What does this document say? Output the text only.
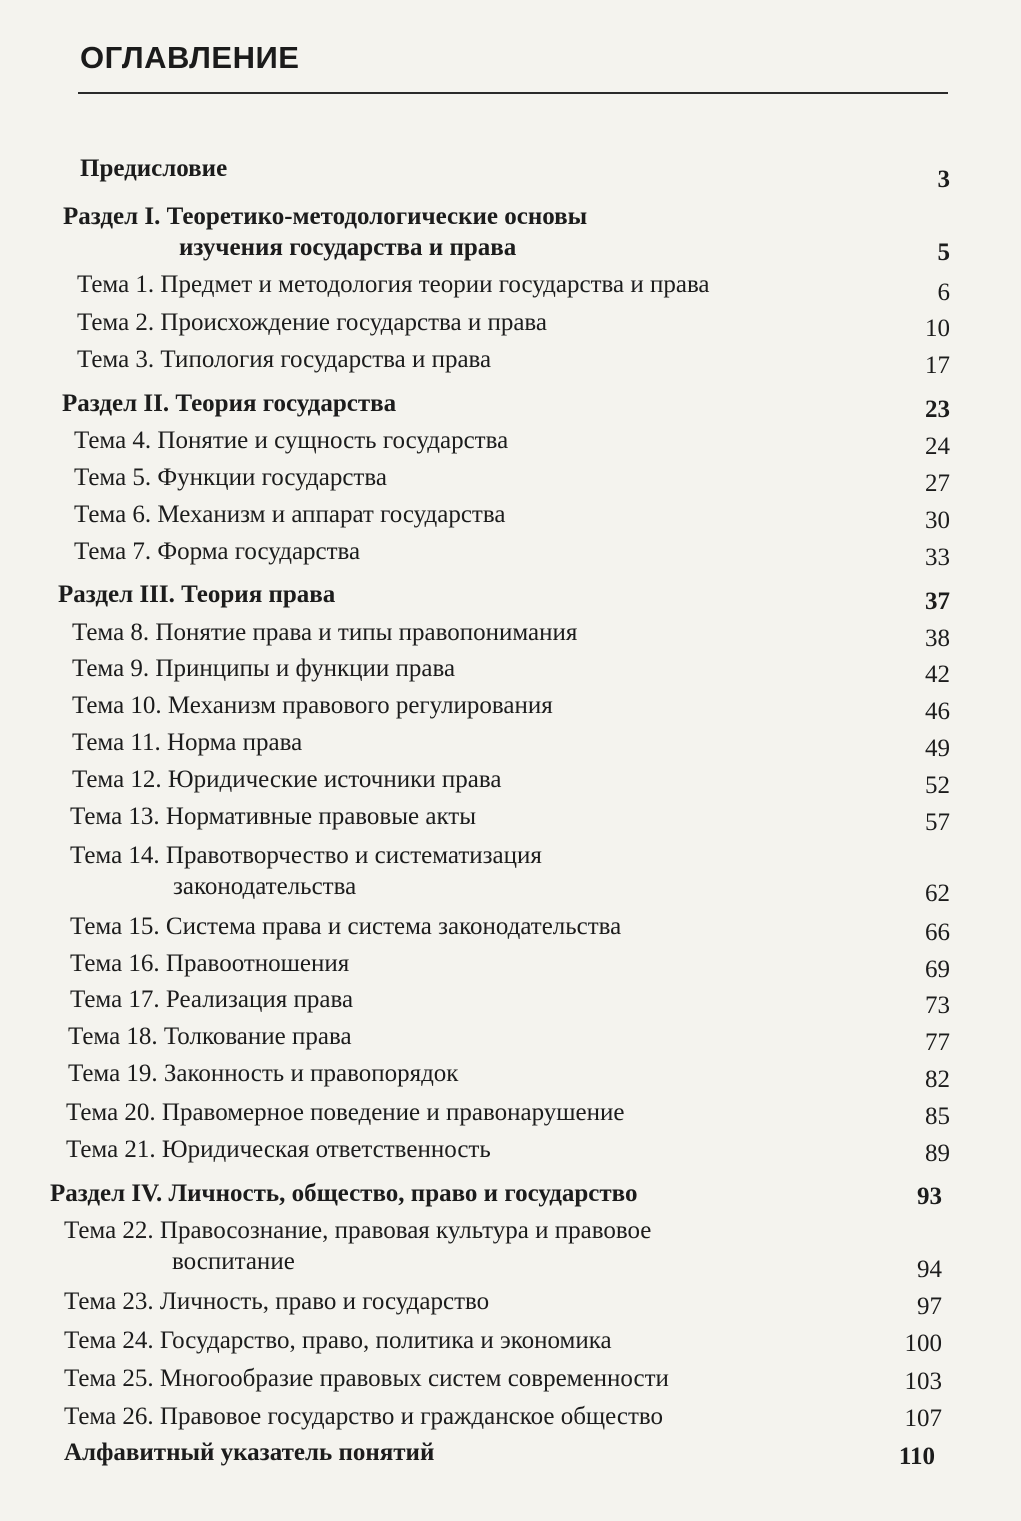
ОГЛАВЛЕНИЕ
Предисловие	3
Раздел I. Теоретико-методологические основы
изучения государства и права	5
Тема 1. Предмет и методология теории государства и права	6
Тема 2. Происхождение государства и права	10
Тема 3. Типология государства и права	17
Раздел II. Теория государства	23
Тема 4. Понятие и сущность государства	24
Тема 5. Функции государства	27
Тема 6. Механизм и аппарат государства	30
Тема 7. Форма государства	33
Раздел III. Теория права	37
Тема 8. Понятие права и типы правопонимания	38
Тема 9. Принципы и функции права	42
Тема 10. Механизм правового регулирования	46
Тема 11. Норма права	49
Тема 12. Юридические источники права	52
Тема 13. Нормативные правовые акты	57
Тема 14. Правотворчество и систематизация
законодательства	62
Тема 15. Система права и система законодательства	66
Тема 16. Правоотношения	69
Тема 17. Реализация права	73
Тема 18. Толкование права	77
Тема 19. Законность и правопорядок	82
Тема 20. Правомерное поведение и правонарушение	85
Тема 21. Юридическая ответственность	89
Раздел IV. Личность, общество, право и государство	93
Тема 22. Правосознание, правовая культура и правовое
воспитание	94
Тема 23. Личность, право и государство	97
Тема 24. Государство, право, политика и экономика	100
Тема 25. Многообразие правовых систем современности	103
Тема 26. Правовое государство и гражданское общество	107
Алфавитный указатель понятий	110
